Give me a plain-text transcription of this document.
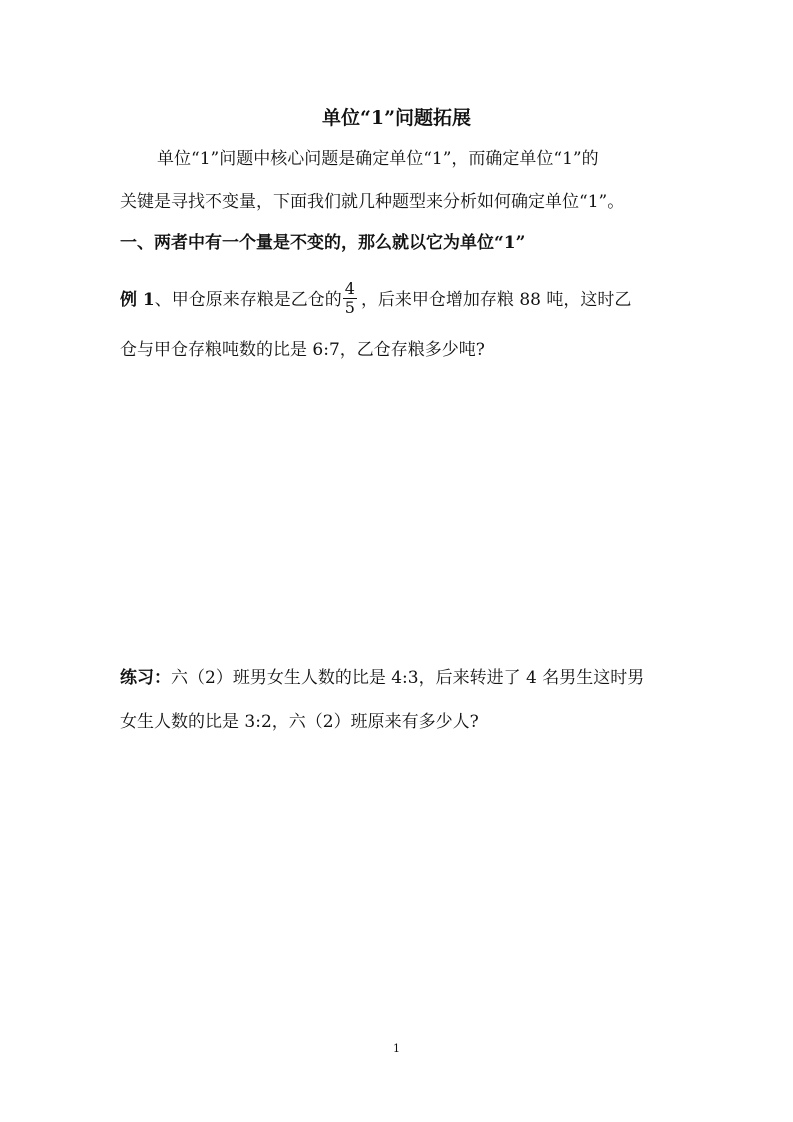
单位“1”问题拓展

单位“1”问题中核心问题是确定单位“1”，而确定单位“1”的

关键是寻找不变量，下面我们就几种题型来分析如何确定单位“1”。

一、两者中有一个量是不变的，那么就以它为单位“1”

例 1、甲仓原来存粮是乙仓的 $\frac{4}{5}$ ，后来甲仓增加存粮 88 吨，这时乙

仓与甲仓存粮吨数的比是 6:7，乙仓存粮多少吨?

练习：六（2）班男女生人数的比是 4:3，后来转进了 4 名男生这时男

女生人数的比是 3:2，六（2）班原来有多少人?

1
